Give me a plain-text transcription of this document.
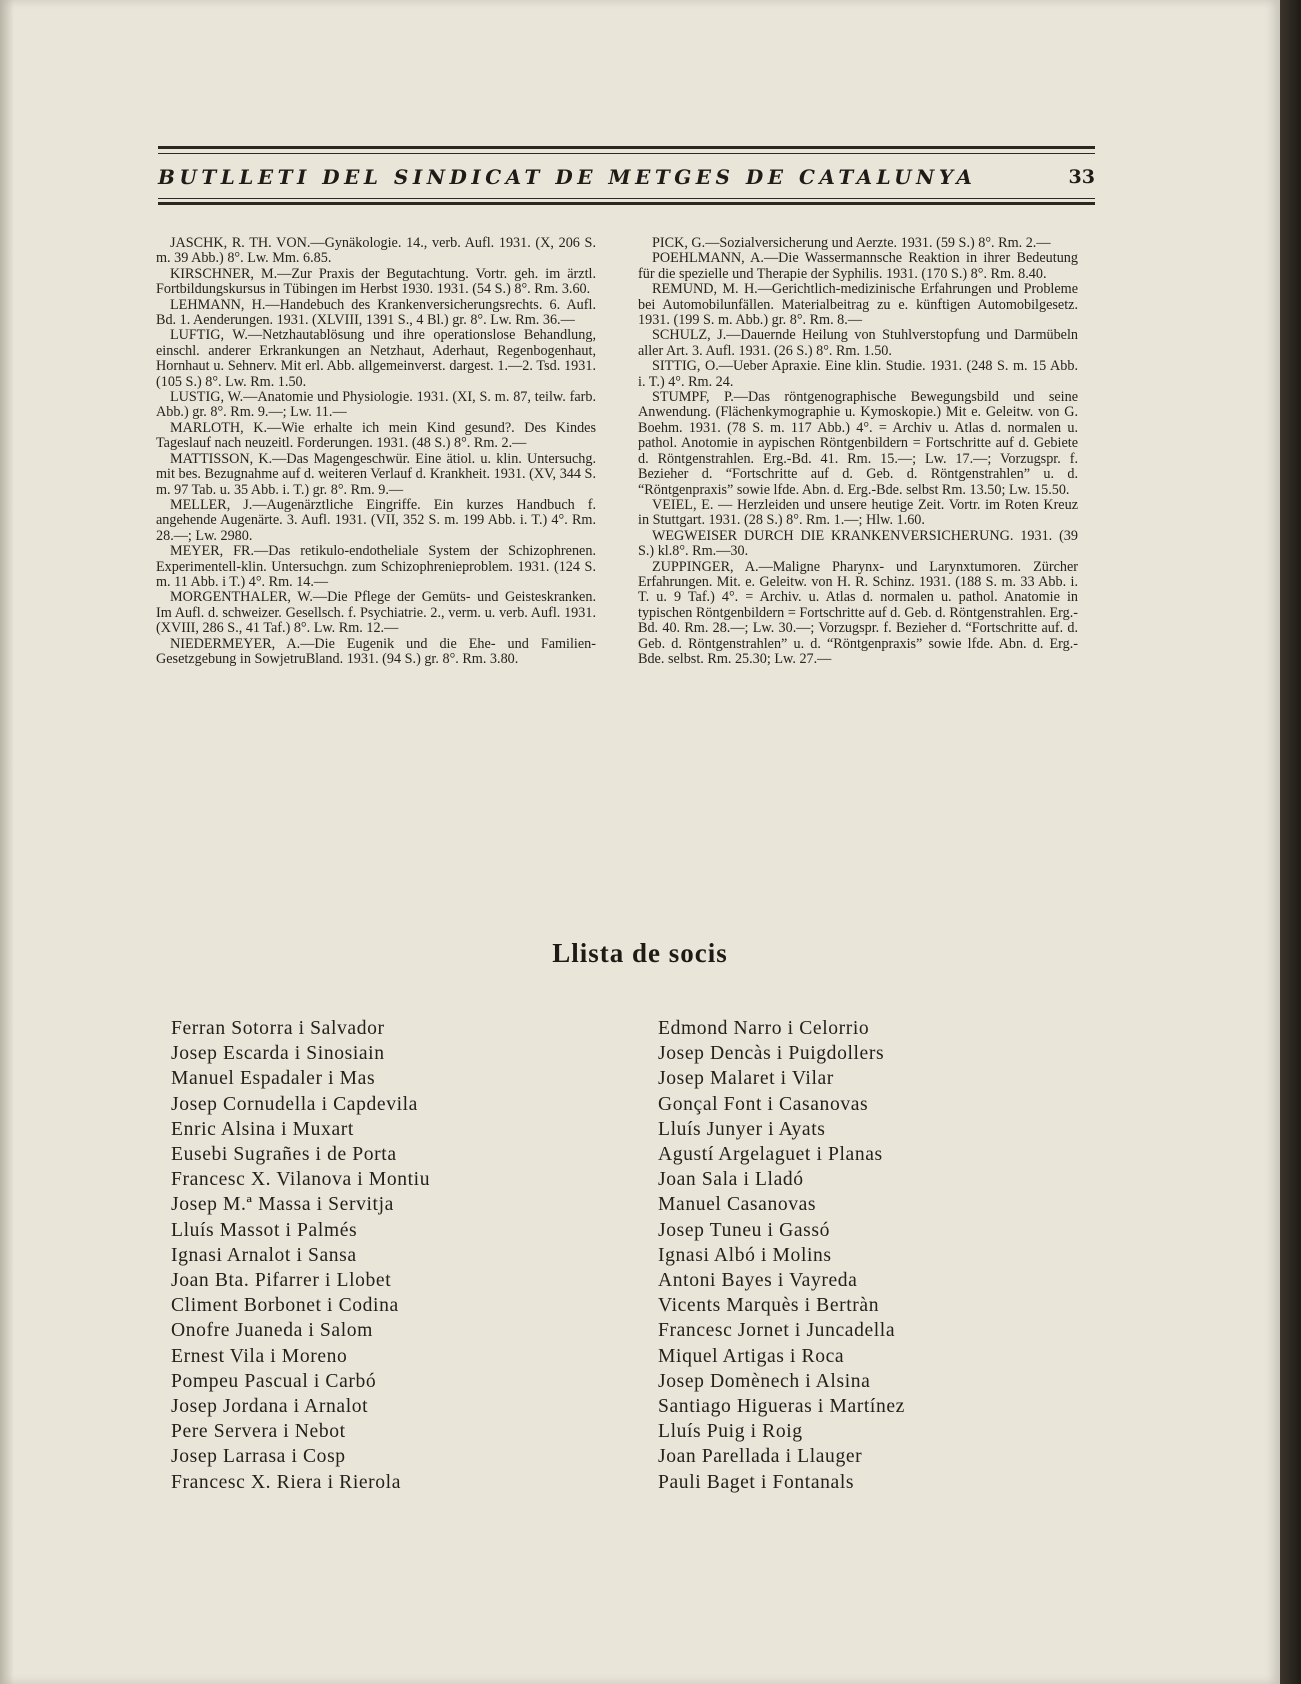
BUTLLETI DEL SINDICAT DE METGES DE CATALUNYA	33
JASCHK, R. TH. VON.—Gynäkologie. 14., verb. Aufl. 1931. (X, 206 S. m. 39 Abb.) 8°. Lw. Mm. 6.85.
KIRSCHNER, M.—Zur Praxis der Begutachtung. Vortr. geh. im ärztl. Fortbildungskursus in Tübingen im Herbst 1930. 1931. (54 S.) 8°. Rm. 3.60.
LEHMANN, H.—Handebuch des Krankenversicherungsrechts. 6. Aufl. Bd. 1. Aenderungen. 1931. (XLVIII, 1391 S., 4 Bl.) gr. 8°. Lw. Rm. 36.—
LUFTIG, W.—Netzhautablösung und ihre operationslose Behandlung, einschl. anderer Erkrankungen an Netzhaut, Aderhaut, Regenbogenhaut, Hornhaut u. Sehnerv. Mit erl. Abb. allgemeinverst. dargest. 1.—2. Tsd. 1931. (105 S.) 8°. Lw. Rm. 1.50.
LUSTIG, W.—Anatomie und Physiologie. 1931. (XI, S. m. 87, teilw. farb. Abb.) gr. 8°. Rm. 9.—; Lw. 11.—
MARLOTH, K.—Wie erhalte ich mein Kind gesund?. Des Kindes Tageslauf nach neuzeitl. Forderungen. 1931. (48 S.) 8°. Rm. 2.—
MATTISSON, K.—Das Magengeschwür. Eine ätiol. u. klin. Untersuchg. mit bes. Bezugnahme auf d. weiteren Verlauf d. Krankheit. 1931. (XV, 344 S. m. 97 Tab. u. 35 Abb. i. T.) gr. 8°. Rm. 9.—
MELLER, J.—Augenärztliche Eingriffe. Ein kurzes Handbuch f. angehende Augenärte. 3. Aufl. 1931. (VII, 352 S. m. 199 Abb. i. T.) 4°. Rm. 28.—; Lw. 2980.
MEYER, FR.—Das retikulo-endotheliale System der Schizophrenen. Experimentell-klin. Untersuchgn. zum Schizophrenieproblem. 1931. (124 S. m. 11 Abb. i T.) 4°. Rm. 14.—
MORGENTHALER, W.—Die Pflege der Gemüts- und Geisteskranken. Im Aufl. d. schweizer. Gesellsch. f. Psychiatrie. 2., verm. u. verb. Aufl. 1931. (XVIII, 286 S., 41 Taf.) 8°. Lw. Rm. 12.—
NIEDERMEYER, A.—Die Eugenik und die Ehe- und Familien-Gesetzgebung in SowjetruBland. 1931. (94 S.) gr. 8°. Rm. 3.80.
PICK, G.—Sozialversicherung und Aerzte. 1931. (59 S.) 8°. Rm. 2.—
POEHLMANN, A.—Die Wassermannsche Reaktion in ihrer Bedeutung für die spezielle und Therapie der Syphilis. 1931. (170 S.) 8°. Rm. 8.40.
REMUND, M. H.—Gerichtlich-medizinische Erfahrungen und Probleme bei Automobilunfällen. Materialbeitrag zu e. künftigen Automobilgesetz. 1931. (199 S. m. Abb.) gr. 8°. Rm. 8.—
SCHULZ, J.—Dauernde Heilung von Stuhlverstopfung und Darmübeln aller Art. 3. Aufl. 1931. (26 S.) 8°. Rm. 1.50.
SITTIG, O.—Ueber Apraxie. Eine klin. Studie. 1931. (248 S. m. 15 Abb. i. T.) 4°. Rm. 24.
STUMPF, P.—Das röntgenographische Bewegungsbild und seine Anwendung. (Flächenkymographie u. Kymoskopie.) Mit e. Geleitw. von G. Boehm. 1931. (78 S. m. 117 Abb.) 4°. = Archiv u. Atlas d. normalen u. pathol. Anotomie in aypischen Röntgenbildern = Fortschritte auf d. Gebiete d. Röntgenstrahlen. Erg.-Bd. 41. Rm. 15.—; Lw. 17.—; Vorzugspr. f. Bezieher d. “Fortschritte auf d. Geb. d. Röntgenstrahlen” u. d. “Röntgenpraxis” sowie lfde. Abn. d. Erg.-Bde. selbst Rm. 13.50; Lw. 15.50.
VEIEL, E. — Herzleiden und unsere heutige Zeit. Vortr. im Roten Kreuz in Stuttgart. 1931. (28 S.) 8°. Rm. 1.—; Hlw. 1.60.
WEGWEISER DURCH DIE KRANKENVERSICHERUNG. 1931. (39 S.) kl.8°. Rm.—30.
ZUPPINGER, A.—Maligne Pharynx- und Larynxtumoren. Zürcher Erfahrungen. Mit. e. Geleitw. von H. R. Schinz. 1931. (188 S. m. 33 Abb. i. T. u. 9 Taf.) 4°. = Archiv. u. Atlas d. normalen u. pathol. Anatomie in typischen Röntgenbildern = Fortschritte auf d. Geb. d. Röntgenstrahlen. Erg.-Bd. 40. Rm. 28.—; Lw. 30.—; Vorzugspr. f. Bezieher d. “Fortschritte auf. d. Geb. d. Röntgenstrahlen” u. d. “Röntgenpraxis” sowie lfde. Abn. d. Erg.-Bde. selbst. Rm. 25.30; Lw. 27.—
Llista de socis
Ferran Sotorra i Salvador
Josep Escarda i Sinosiain
Manuel Espadaler i Mas
Josep Cornudella i Capdevila
Enric Alsina i Muxart
Eusebi Sugrañes i de Porta
Francesc X. Vilanova i Montiu
Josep M.ª Massa i Servitja
Lluís Massot i Palmés
Ignasi Arnalot i Sansa
Joan Bta. Pifarrer i Llobet
Climent Borbonet i Codina
Onofre Juaneda i Salom
Ernest Vila i Moreno
Pompeu Pascual i Carbó
Josep Jordana i Arnalot
Pere Servera i Nebot
Josep Larrasa i Cosp
Francesc X. Riera i Rierola
Edmond Narro i Celorrio
Josep Dencàs i Puigdollers
Josep Malaret i Vilar
Gonçal Font i Casanovas
Lluís Junyer i Ayats
Agustí Argelaguet i Planas
Joan Sala i Lladó
Manuel Casanovas
Josep Tuneu i Gassó
Ignasi Albó i Molins
Antoni Bayes i Vayreda
Vicents Marquès i Bertràn
Francesc Jornet i Juncadella
Miquel Artigas i Roca
Josep Domènech i Alsina
Santiago Higueras i Martínez
Lluís Puig i Roig
Joan Parellada i Llauger
Pauli Baget i Fontanals
